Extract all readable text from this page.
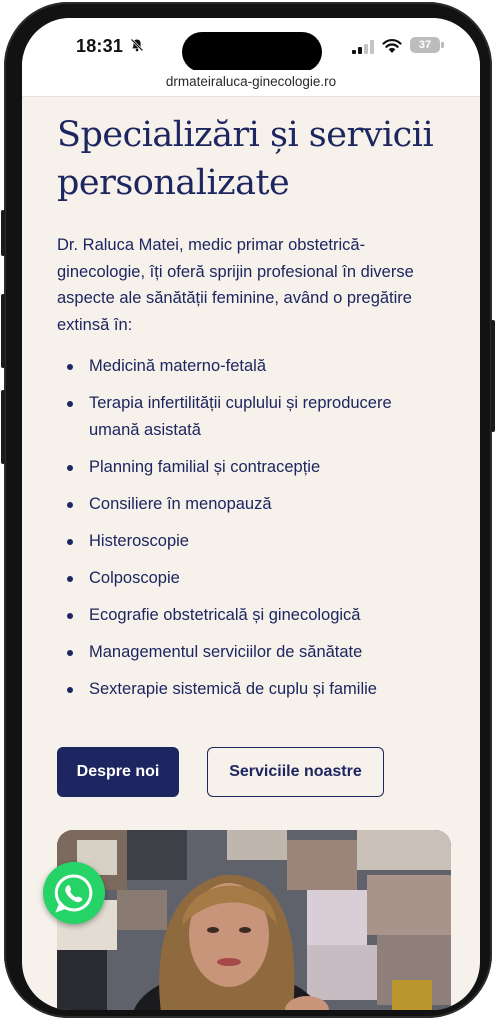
18:31	37
drmateiraluca-ginecologie.ro
Specializări și servicii personalizate

Dr. Raluca Matei, medic primar obstetrică-ginecologie, îți oferă sprijin profesional în diverse aspecte ale sănătății feminine, având o pregătire extinsă în:

Medicină materno-fetală
Terapia infertilității cuplului și reproducere umană asistată
Planning familial și contracepție
Consiliere în menopauză
Histeroscopie
Colposcopie
Ecografie obstetricală și ginecologică
Managementul serviciilor de sănătate
Sexterapie sistemică de cuplu și familie
Despre noi	Serviciile noastre
